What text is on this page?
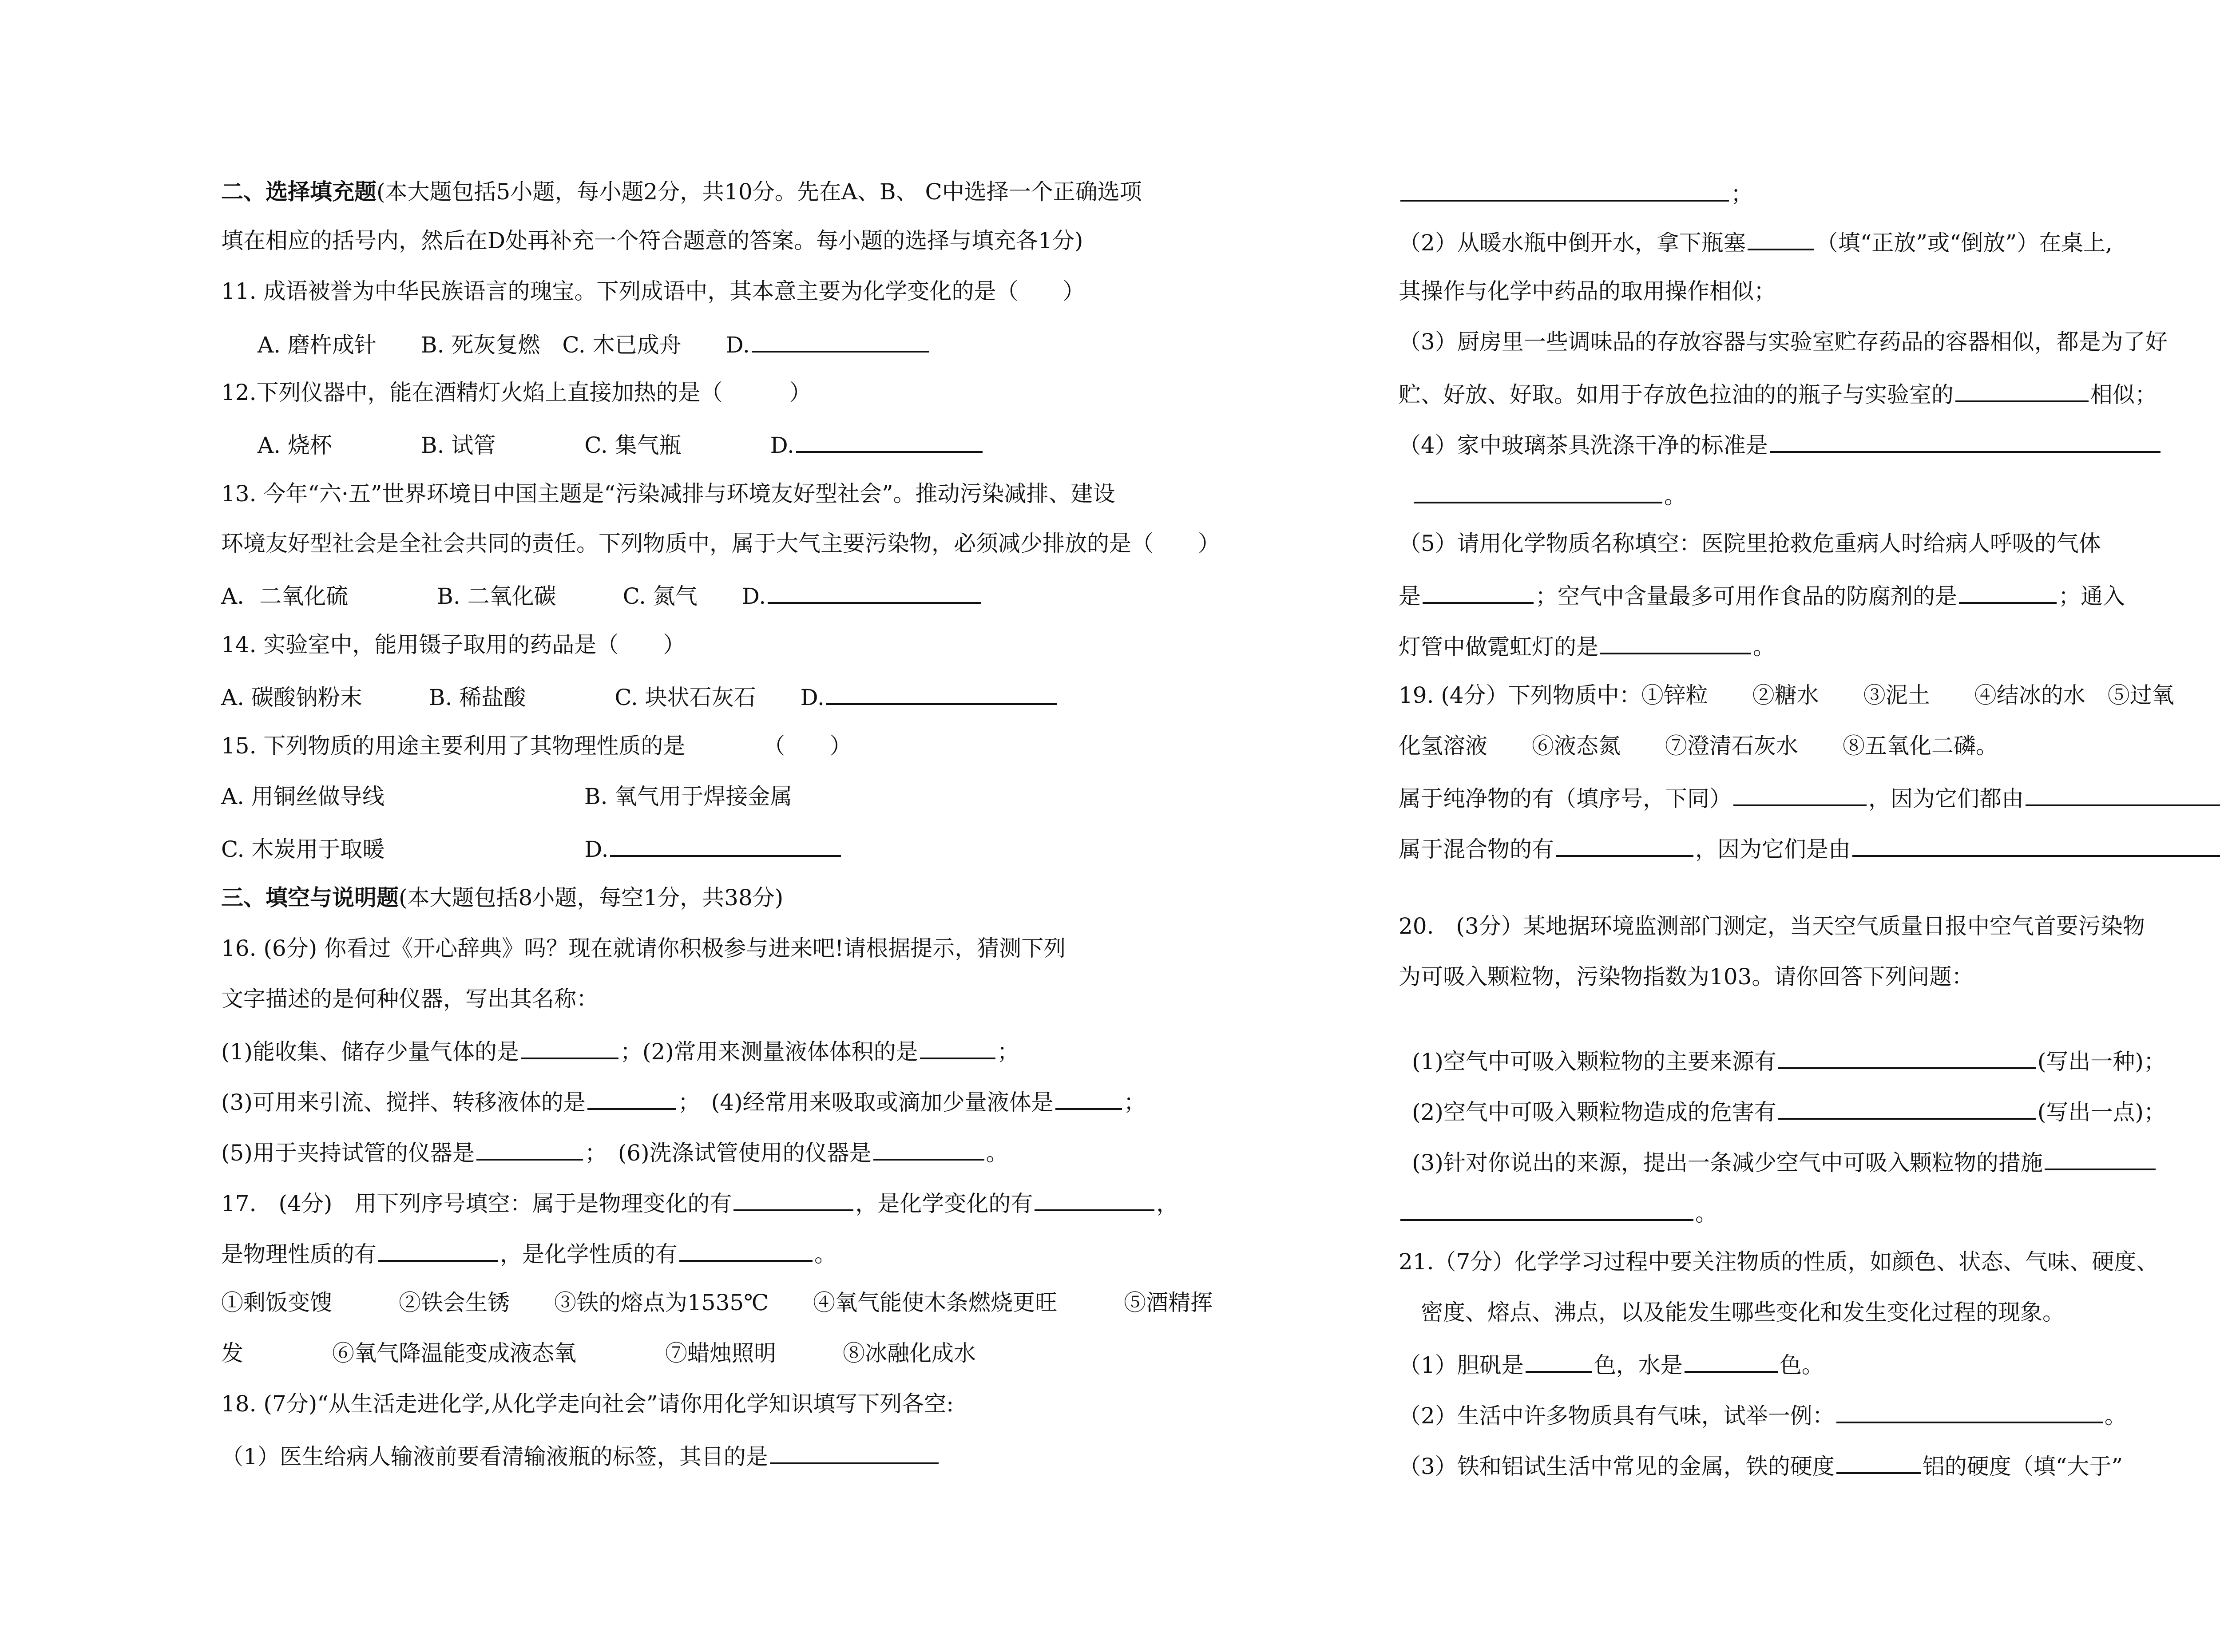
二、选择填充题(本大题包括5小题，每小题2分，共10分。先在A、B、 C中选择一个正确选项
填在相应的括号内，然后在D处再补充一个符合题意的答案。每小题的选择与填充各1分)
11. 成语被誉为中华民族语言的瑰宝。下列成语中，其本意主要为化学变化的是（　　）
A. 磨杵成针　　B. 死灰复燃　C. 木已成舟　　D.
12.下列仪器中，能在酒精灯火焰上直接加热的是（　　　）
A. 烧杯　　　　B. 试管　　　　C. 集气瓶　　　　D.
13. 今年“六·五”世界环境日中国主题是“污染减排与环境友好型社会”。推动污染减排、建设
环境友好型社会是全社会共同的责任。下列物质中，属于大气主要污染物，必须减少排放的是（　　）
A．二氧化硫　　　　B. 二氧化碳　　　C. 氮气　　D.
14. 实验室中，能用镊子取用的药品是（　　）
A. 碳酸钠粉末　　　B. 稀盐酸　　　　C. 块状石灰石　　D.
15. 下列物质的用途主要利用了其物理性质的是　　　　（　　）
A. 用铜丝做导线　　　　　　　　　B. 氧气用于焊接金属
C. 木炭用于取暖　　　　　　　　　D.
三、填空与说明题(本大题包括8小题，每空1分，共38分)
16. (6分) 你看过《开心辞典》吗？现在就请你积极参与进来吧!请根据提示，猜测下列
文字描述的是何种仪器，写出其名称：
(1)能收集、储存少量气体的是	；(2)常用来测量液体体积的是	；
(3)可用来引流、搅拌、转移液体的是	；　(4)经常用来吸取或滴加少量液体是	；
(5)用于夹持试管的仪器是	；　(6)洗涤试管使用的仪器是	。
17.　(4分)　用下列序号填空：属于是物理变化的有	，是化学变化的有	，
是物理性质的有	，是化学性质的有	。
①剩饭变馊　　　②铁会生锈　　③铁的熔点为1535℃　　④氧气能使木条燃烧更旺　　　⑤酒精挥
发　　　　⑥氧气降温能变成液态氧　　　　⑦蜡烛照明　　　⑧冰融化成水
18. (7分)“从生活走进化学,从化学走向社会”请你用化学知识填写下列各空:
（1）医生给病人输液前要看清输液瓶的标签，其目的是
；
（2）从暖水瓶中倒开水，拿下瓶塞	（填“正放”或“倒放”）在桌上,
其操作与化学中药品的取用操作相似；
（3）厨房里一些调味品的存放容器与实验室贮存药品的容器相似，都是为了好
贮、好放、好取。如用于存放色拉油的的瓶子与实验室的	相似；
（4）家中玻璃茶具洗涤干净的标准是
。
（5）请用化学物质名称填空：医院里抢救危重病人时给病人呼吸的气体
是	；空气中含量最多可用作食品的防腐剂的是	；通入
灯管中做霓虹灯的是	。
19. (4分）下列物质中：①锌粒　　②糖水　　③泥土　　④结冰的水　⑤过氧
化氢溶液　　⑥液态氮　　⑦澄清石灰水　　⑧五氧化二磷。
属于纯净物的有（填序号，下同）	，因为它们都由
属于混合物的有	，因为它们是由
20.　(3分）某地据环境监测部门测定，当天空气质量日报中空气首要污染物
为可吸入颗粒物，污染物指数为103。请你回答下列问题：
(1)空气中可吸入颗粒物的主要来源有	(写出一种)；
(2)空气中可吸入颗粒物造成的危害有	(写出一点)；
(3)针对你说出的来源，提出一条减少空气中可吸入颗粒物的措施
。
21.（7分）化学学习过程中要关注物质的性质，如颜色、状态、气味、硬度、
　密度、熔点、沸点，以及能发生哪些变化和发生变化过程的现象。
（1）胆矾是	色，水是	色。
（2）生活中许多物质具有气味，试举一例：	。
（3）铁和铝试生活中常见的金属，铁的硬度	铝的硬度（填“大于”
